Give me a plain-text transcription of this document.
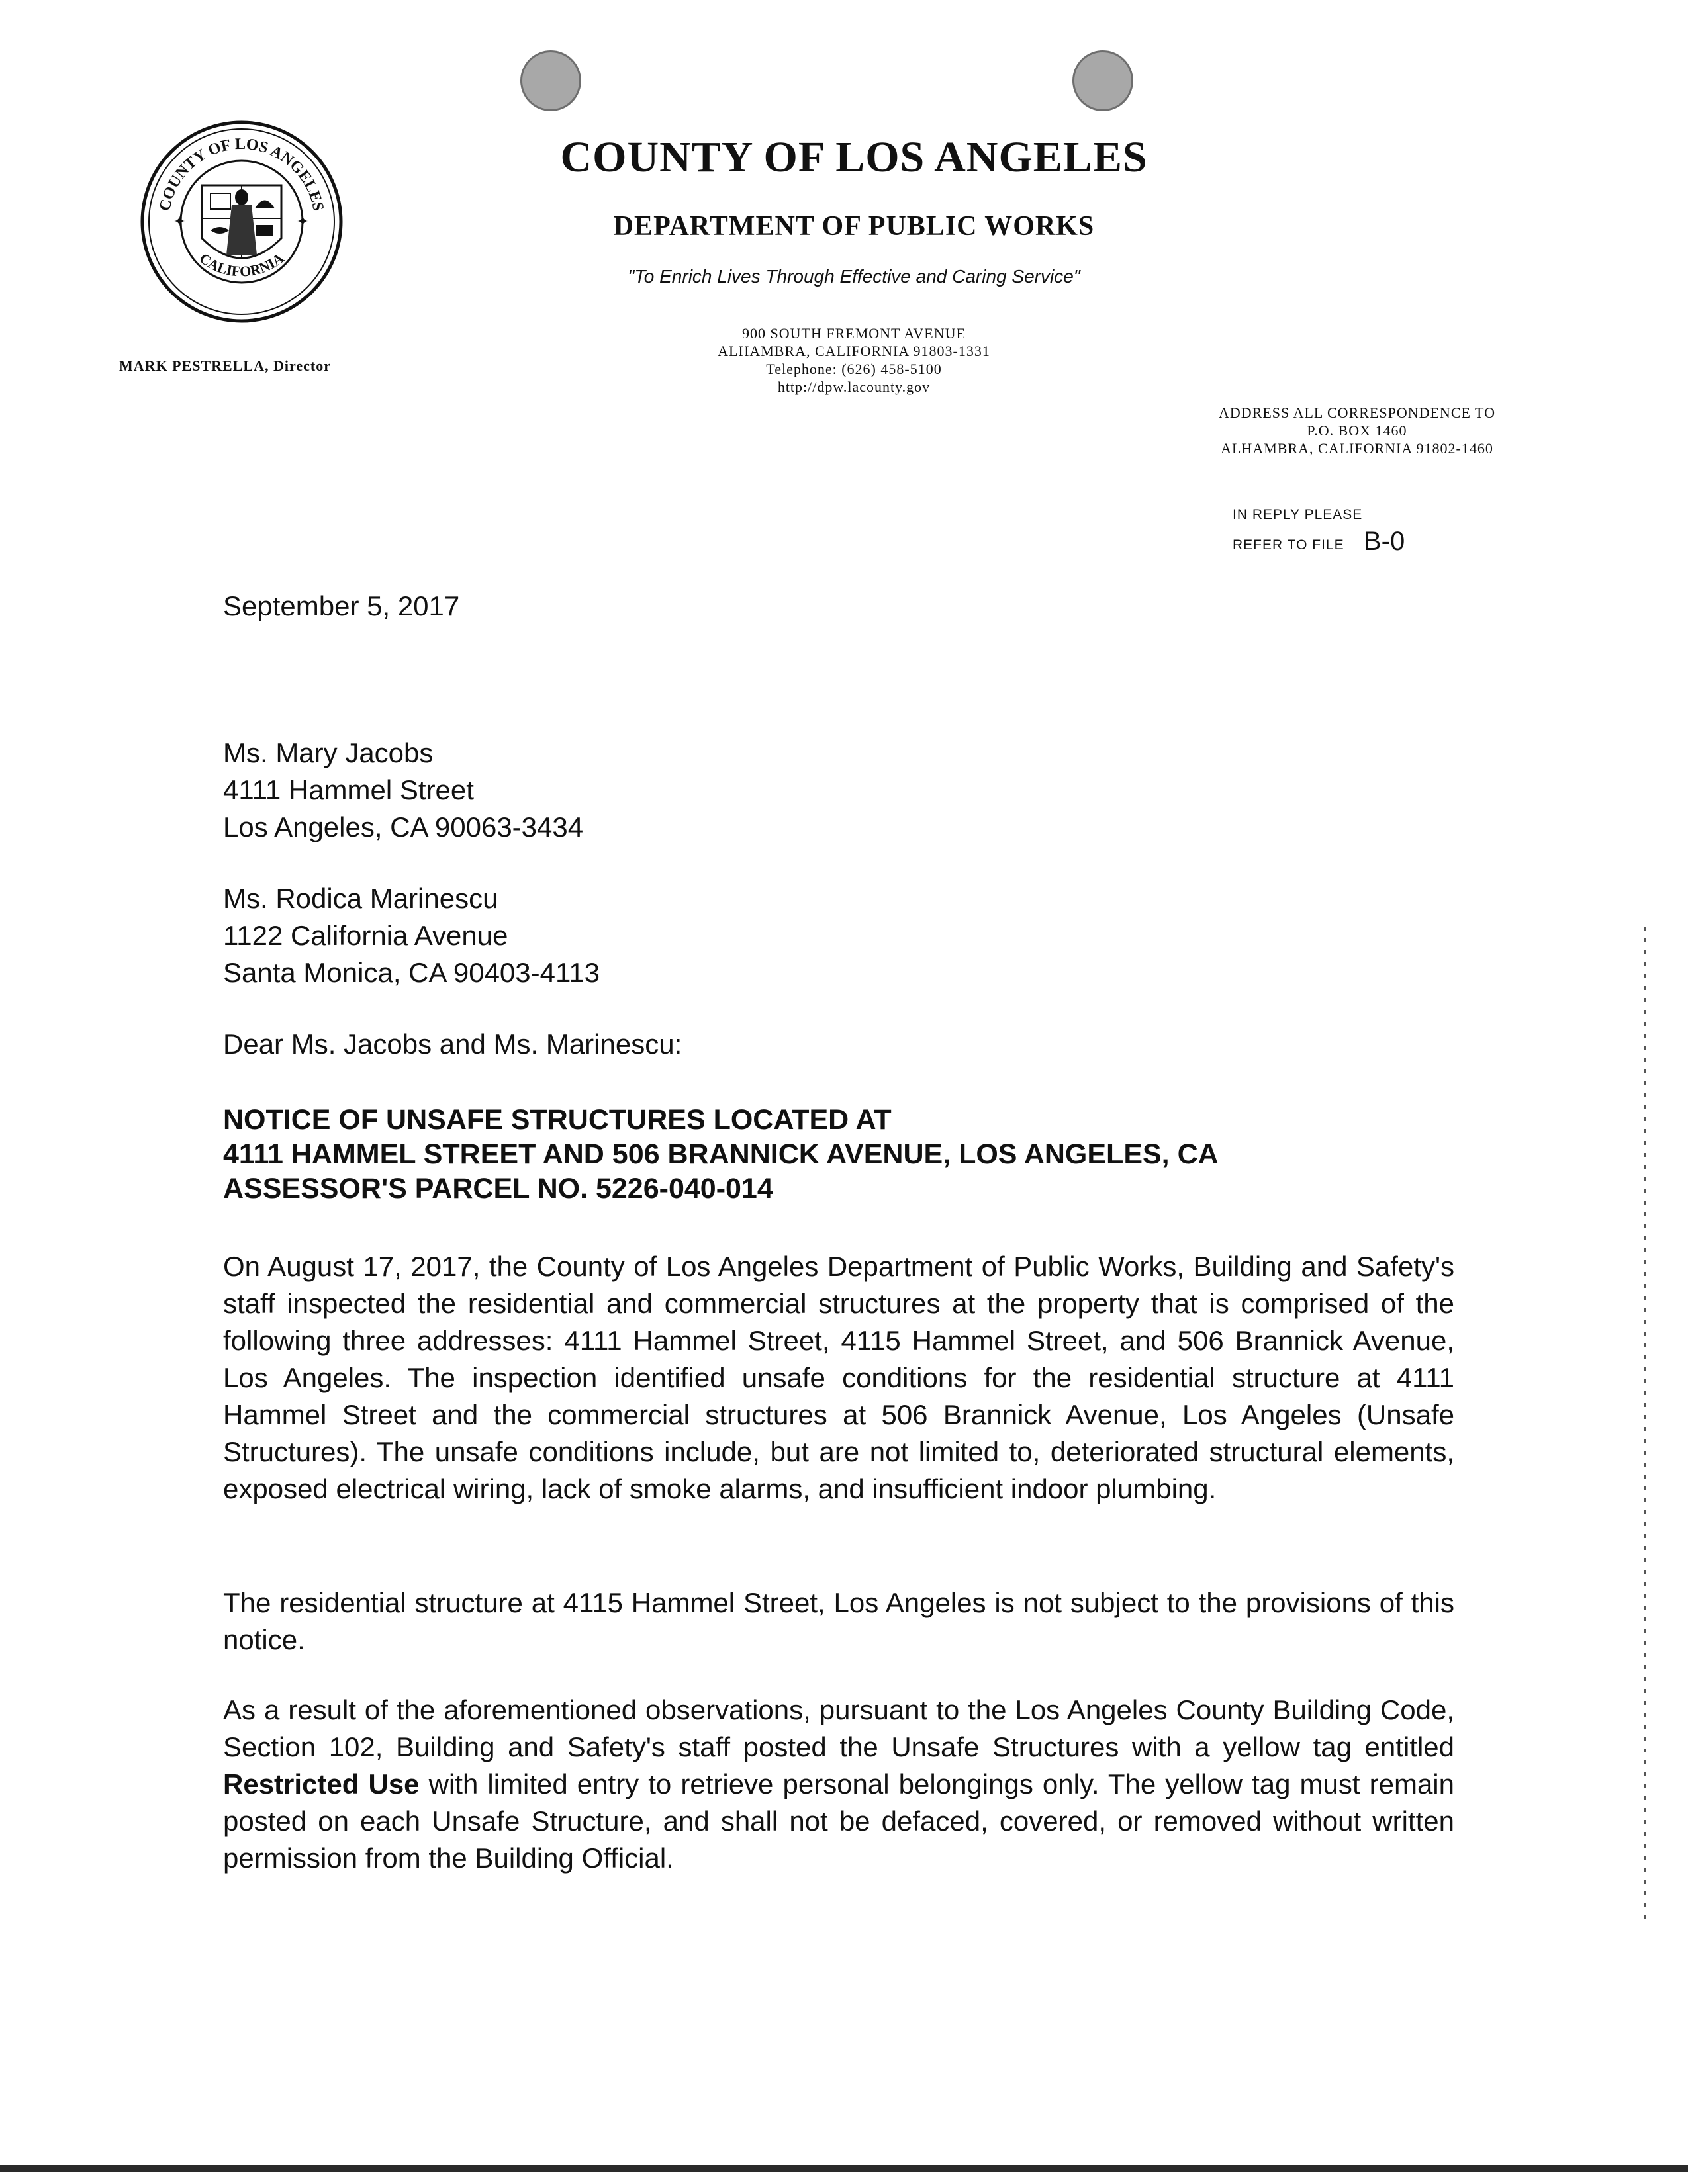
COUNTY OF LOS ANGELES
CALIFORNIA
✦	✦
COUNTY OF LOS ANGELES
DEPARTMENT OF PUBLIC WORKS
"To Enrich Lives Through Effective and Caring Service"
900 SOUTH FREMONT AVENUE
ALHAMBRA, CALIFORNIA 91803-1331
Telephone: (626) 458-5100
http://dpw.lacounty.gov
MARK PESTRELLA, Director
ADDRESS ALL CORRESPONDENCE TO
P.O. BOX 1460
ALHAMBRA, CALIFORNIA 91802-1460
IN REPLY PLEASE
REFER TO FILE B-0
September 5, 2017
Ms. Mary Jacobs
4111 Hammel Street
Los Angeles, CA 90063-3434
Ms. Rodica Marinescu
1122 California Avenue
Santa Monica, CA 90403-4113
Dear Ms. Jacobs and Ms. Marinescu:
NOTICE OF UNSAFE STRUCTURES LOCATED AT
4111 HAMMEL STREET AND 506 BRANNICK AVENUE, LOS ANGELES, CA
ASSESSOR'S PARCEL NO. 5226-040-014
On August 17, 2017, the County of Los Angeles Department of Public Works, Building and Safety's staff inspected the residential and commercial structures at the property that is comprised of the following three addresses: 4111 Hammel Street, 4115 Hammel Street, and 506 Brannick Avenue, Los Angeles. The inspection identified unsafe conditions for the residential structure at 4111 Hammel Street and the commercial structures at 506 Brannick Avenue, Los Angeles (Unsafe Structures). The unsafe conditions include, but are not limited to, deteriorated structural elements, exposed electrical wiring, lack of smoke alarms, and insufficient indoor plumbing.
The residential structure at 4115 Hammel Street, Los Angeles is not subject to the provisions of this notice.
As a result of the aforementioned observations, pursuant to the Los Angeles County Building Code, Section 102, Building and Safety's staff posted the Unsafe Structures with a yellow tag entitled Restricted Use with limited entry to retrieve personal belongings only. The yellow tag must remain posted on each Unsafe Structure, and shall not be defaced, covered, or removed without written permission from the Building Official.
